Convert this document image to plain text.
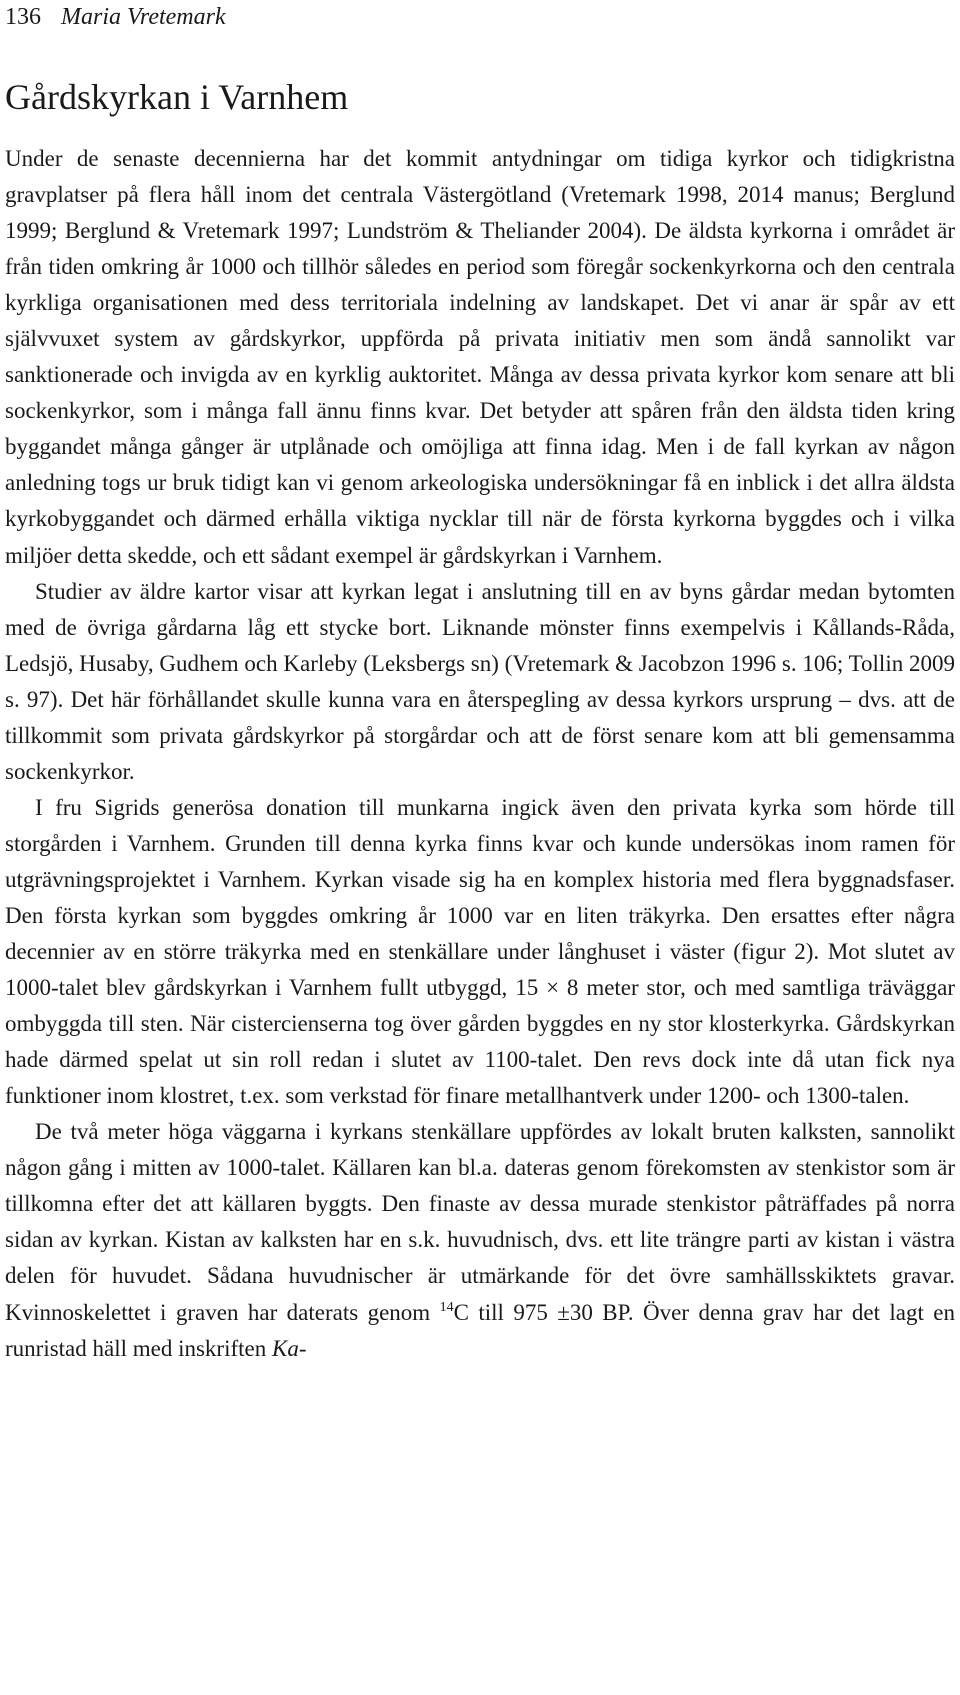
136 Maria Vretemark
Gårdskyrkan i Varnhem

Under de senaste decennierna har det kommit antydningar om tidiga kyrkor och tidigkristna gravplatser på flera håll inom det centrala Västergötland (Vretemark 1998, 2014 manus; Berglund 1999; Berglund & Vretemark 1997; Lundström & Theliander 2004). De äldsta kyrkorna i området är från tiden omkring år 1000 och tillhör således en period som föregår sockenkyrkorna och den centrala kyrkliga organisationen med dess territoriala indelning av landskapet. Det vi anar är spår av ett självvuxet system av gårdskyrkor, uppförda på privata initiativ men som ändå sannolikt var sanktionerade och invigda av en kyrklig auktoritet. Många av dessa privata kyrkor kom senare att bli sockenkyrkor, som i många fall ännu finns kvar. Det betyder att spåren från den äldsta tiden kring byggandet många gånger är utplånade och omöjliga att finna idag. Men i de fall kyrkan av någon anledning togs ur bruk tidigt kan vi genom arkeologiska undersökningar få en inblick i det allra äldsta kyrkobyggandet och därmed erhålla viktiga nycklar till när de första kyrkorna byggdes och i vilka miljöer detta skedde, och ett sådant exempel är gårdskyrkan i Varnhem.

Studier av äldre kartor visar att kyrkan legat i anslutning till en av byns gårdar medan bytomten med de övriga gårdarna låg ett stycke bort. Liknande mönster finns exempelvis i Kållands-Råda, Ledsjö, Husaby, Gudhem och Karleby (Leksbergs sn) (Vretemark & Jacobzon 1996 s. 106; Tollin 2009 s. 97). Det här förhållandet skulle kunna vara en återspegling av dessa kyrkors ursprung – dvs. att de tillkommit som privata gårdskyrkor på storgårdar och att de först senare kom att bli gemensamma sockenkyrkor.

I fru Sigrids generösa donation till munkarna ingick även den privata kyrka som hörde till storgården i Varnhem. Grunden till denna kyrka finns kvar och kunde undersökas inom ramen för utgrävningsprojektet i Varnhem. Kyrkan visade sig ha en komplex historia med flera byggnadsfaser. Den första kyrkan som byggdes omkring år 1000 var en liten träkyrka. Den ersattes efter några decennier av en större träkyrka med en stenkällare under långhuset i väster (figur 2). Mot slutet av 1000-talet blev gårdskyrkan i Varnhem fullt utbyggd, 15 × 8 meter stor, och med samtliga träväggar ombyggda till sten. När cistercienserna tog över gården byggdes en ny stor klosterkyrka. Gårdskyrkan hade därmed spelat ut sin roll redan i slutet av 1100-talet. Den revs dock inte då utan fick nya funktioner inom klostret, t.ex. som verkstad för finare metallhantverk under 1200- och 1300-talen.

De två meter höga väggarna i kyrkans stenkällare uppfördes av lokalt bruten kalksten, sannolikt någon gång i mitten av 1000-talet. Källaren kan bl.a. dateras genom förekomsten av stenkistor som är tillkomna efter det att källaren byggts. Den finaste av dessa murade stenkistor påträffades på norra sidan av kyrkan. Kistan av kalksten har en s.k. huvudnisch, dvs. ett lite trängre parti av kistan i västra delen för huvudet. Sådana huvudnischer är utmärkande för det övre samhällsskiktets gravar. Kvinnoskelettet i graven har daterats genom $^{14}$C till 975 ±30 BP. Över denna grav har det lagt en runristad häll med inskriften Ka-
